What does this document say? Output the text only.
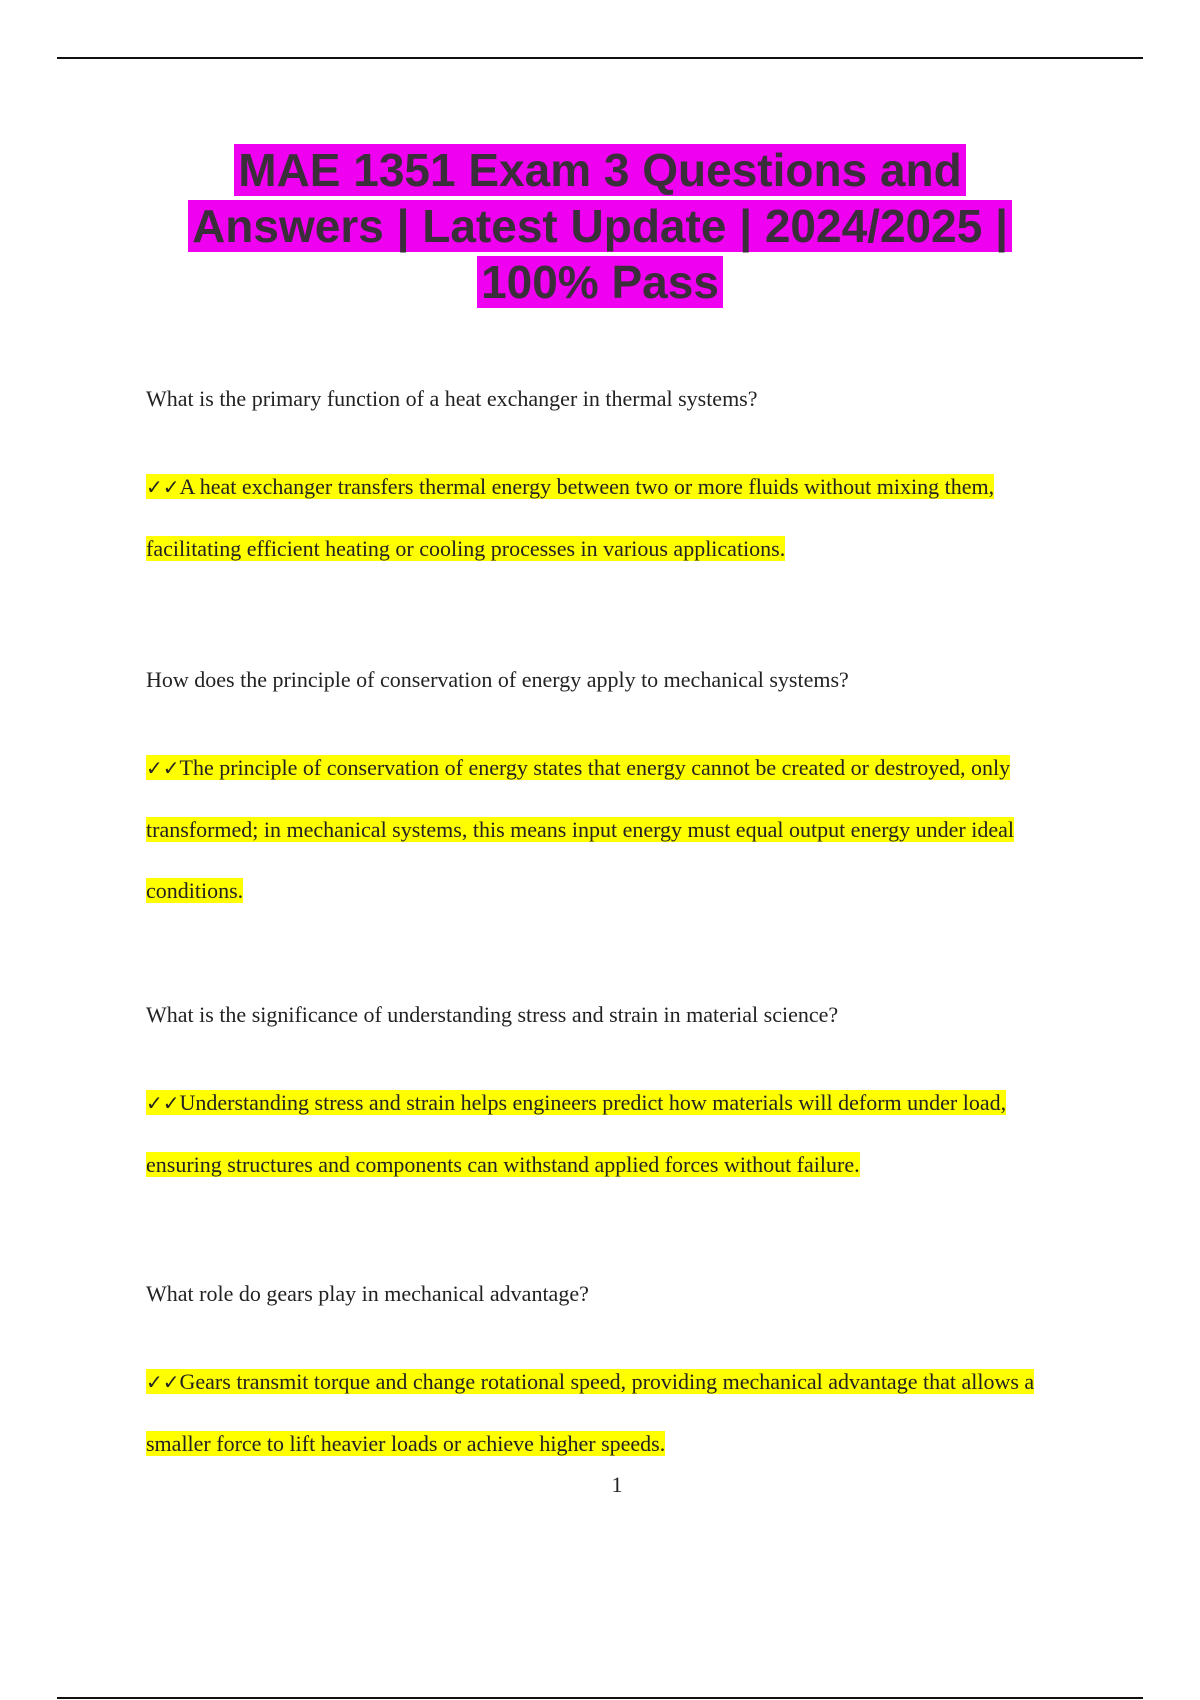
MAE 1351 Exam 3 Questions and
Answers | Latest Update | 2024/2025 |
100% Pass

What is the primary function of a heat exchanger in thermal systems?

✓✓A heat exchanger transfers thermal energy between two or more fluids without mixing them, facilitating efficient heating or cooling processes in various applications.

How does the principle of conservation of energy apply to mechanical systems?

✓✓The principle of conservation of energy states that energy cannot be created or destroyed, only transformed; in mechanical systems, this means input energy must equal output energy under ideal conditions.

What is the significance of understanding stress and strain in material science?

✓✓Understanding stress and strain helps engineers predict how materials will deform under load, ensuring structures and components can withstand applied forces without failure.

What role do gears play in mechanical advantage?

✓✓Gears transmit torque and change rotational speed, providing mechanical advantage that allows a smaller force to lift heavier loads or achieve higher speeds.

1
